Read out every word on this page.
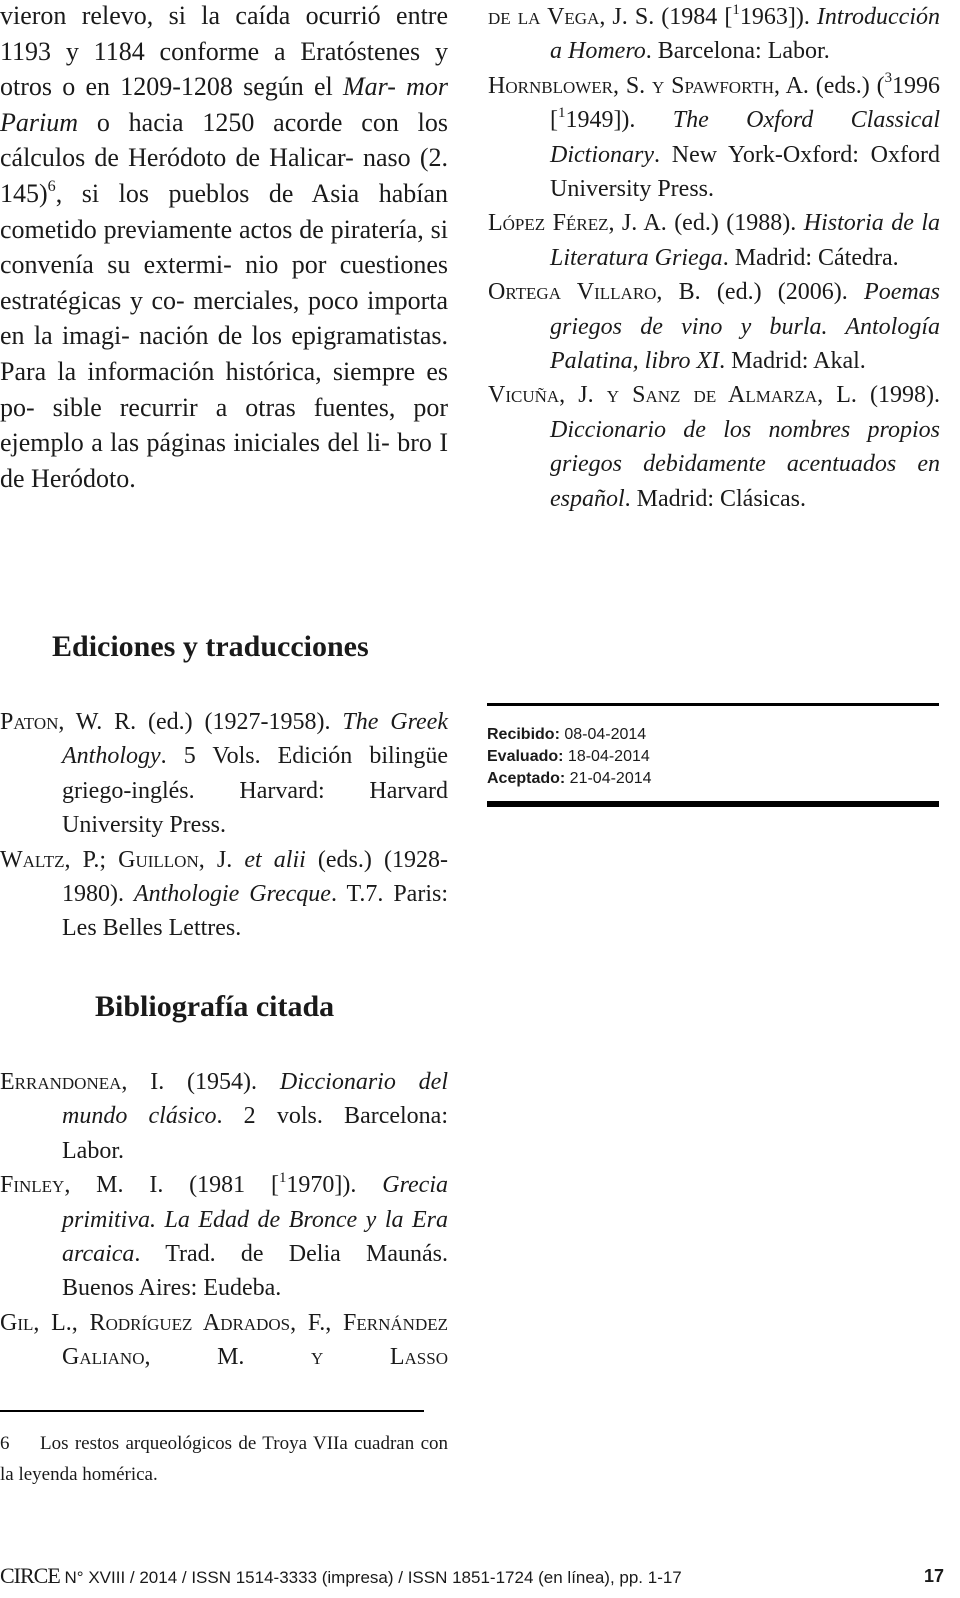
vieron relevo, si la caída ocurrió entre 1193 y 1184 conforme a Eratóstenes y otros o en 1209-1208 según el Mar- mor Parium o hacia 1250 acorde con los cálculos de Heródoto de Halicar- naso (2. 145)$^6$, si los pueblos de Asia habían cometido previamente actos de piratería, si convenía su extermi- nio por cuestiones estratégicas y co- merciales, poco importa en la imagi- nación de los epigramatistas. Para la información histórica, siempre es po- sible recurrir a otras fuentes, por ejemplo a las páginas iniciales del li- bro I de Heródoto.

Ediciones y traducciones

Paton, W. R. (ed.) (1927-1958). The Greek Anthology. 5 Vols. Edición bilingüe griego-inglés. Harvard: Harvard University Press.

Waltz, P.; Guillon, J. et alii (eds.) (1928-1980). Anthologie Grecque. T.7. Paris: Les Belles Lettres.

Bibliografía citada

Errandonea, I. (1954). Diccionario del mundo clásico. 2 vols. Barcelona: Labor.

Finley, M. I. (1981 [$^1$1970]). Grecia primitiva. La Edad de Bronce y la Era arcaica. Trad. de Delia Maunás. Buenos Aires: Eudeba.

Gil, L., Rodríguez Adrados, F., Fernández Galiano, M. y Lasso

de la Vega, J. S. (1984 [$^1$1963]). Introducción a Homero. Barcelona: Labor.

Hornblower, S. y Spawforth, A. (eds.) ($^3$1996 [$^1$1949]). The Oxford Classical Dictionary. New York-Oxford: Oxford University Press.

López Férez, J. A. (ed.) (1988). Historia de la Literatura Griega. Madrid: Cátedra.

Ortega Villaro, B. (ed.) (2006). Poemas griegos de vino y burla. Antología Palatina, libro XI. Madrid: Akal.

Vicuña, J. y Sanz de Almarza, L. (1998). Diccionario de los nombres propios griegos debidamente acentuados en español. Madrid: Clásicas.

Recibido: 08-04-2014
Evaluado: 18-04-2014
Aceptado: 21-04-2014
6 Los restos arqueológicos de Troya VIIa cuadran con la leyenda homérica.
CIRCE N° XVIII / 2014 / ISSN 1514-3333 (impresa) / ISSN 1851-1724 (en línea), pp. 1-17	17
